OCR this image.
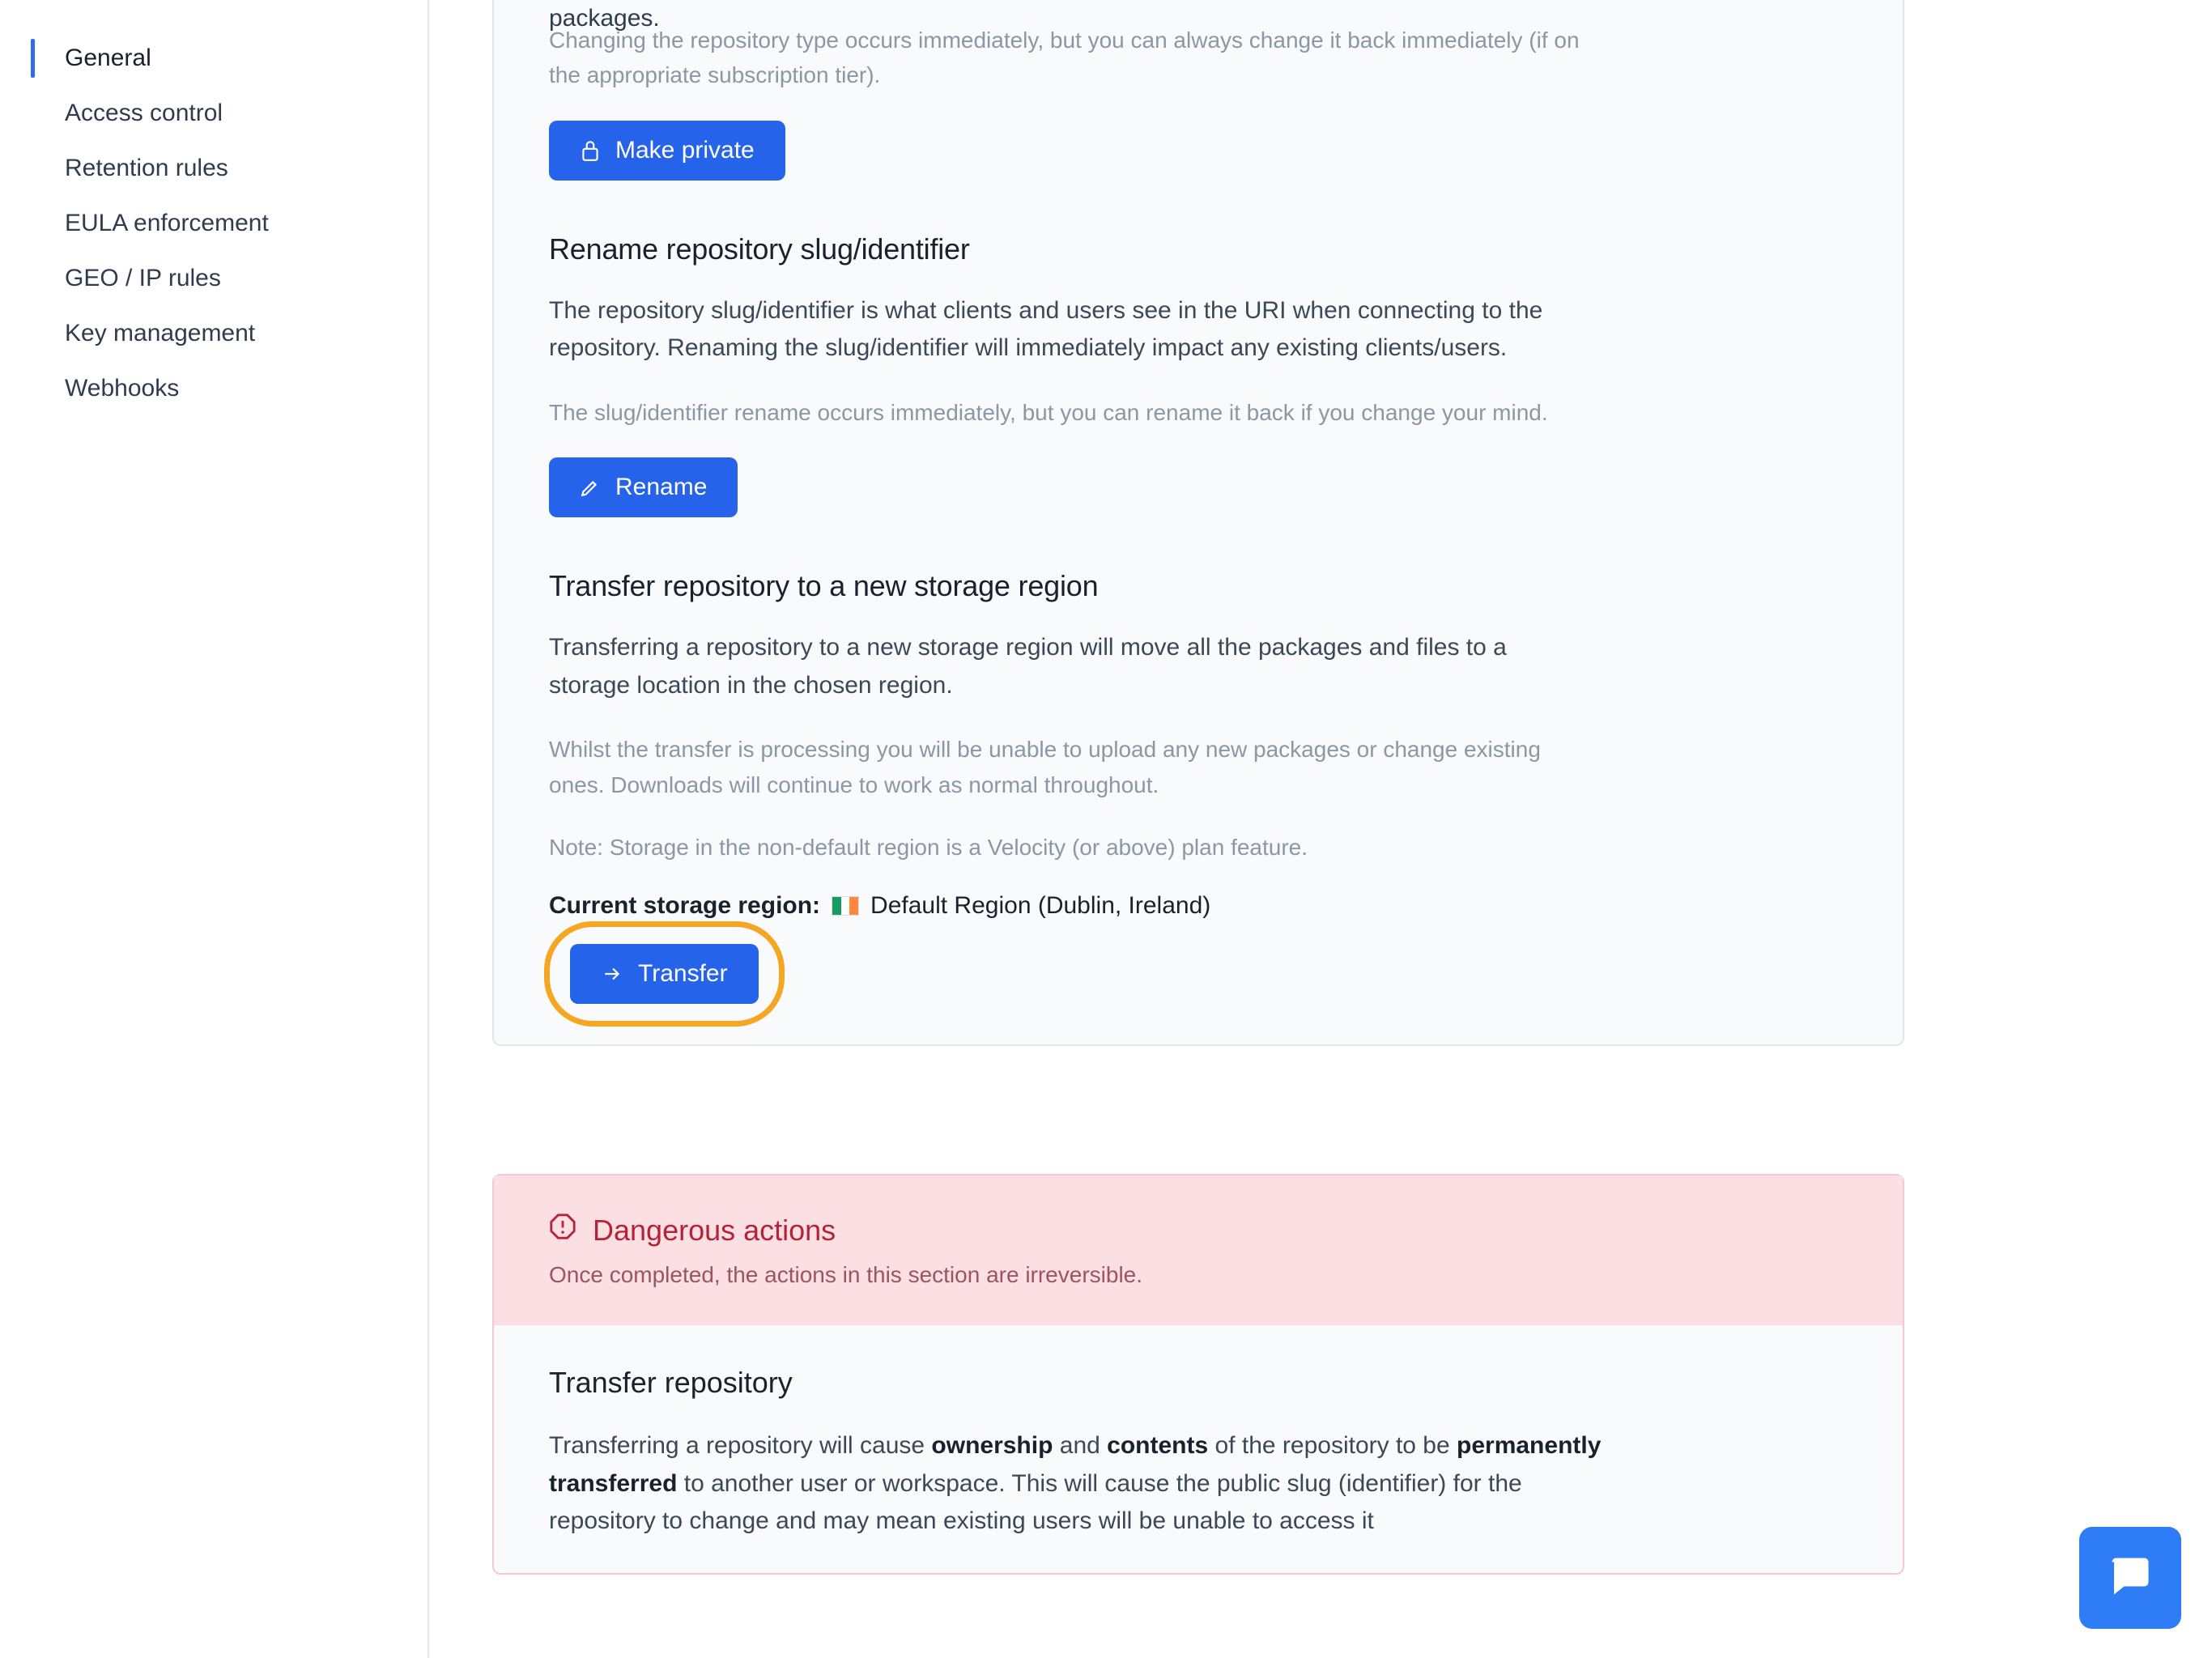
General
Access control
Retention rules
EULA enforcement
GEO / IP rules
Key management
Webhooks
packages.

Changing the repository type occurs immediately, but you can always change it back immediately (if on the appropriate subscription tier).

Make private
Rename repository slug/identifier

The repository slug/identifier is what clients and users see in the URI when connecting to the repository. Renaming the slug/identifier will immediately impact any existing clients/users.

The slug/identifier rename occurs immediately, but you can rename it back if you change your mind.

Rename
Transfer repository to a new storage region

Transferring a repository to a new storage region will move all the packages and files to a storage location in the chosen region.

Whilst the transfer is processing you will be unable to upload any new packages or change existing ones. Downloads will continue to work as normal throughout.

Note: Storage in the non-default region is a Velocity (or above) plan feature.

Current storage region: Default Region (Dublin, Ireland)
Transfer
Dangerous actions
Once completed, the actions in this section are irreversible.
Transfer repository

Transferring a repository will cause ownership and contents of the repository to be permanently transferred to another user or workspace. This will cause the public slug (identifier) for the repository to change and may mean existing users will be unable to access it
